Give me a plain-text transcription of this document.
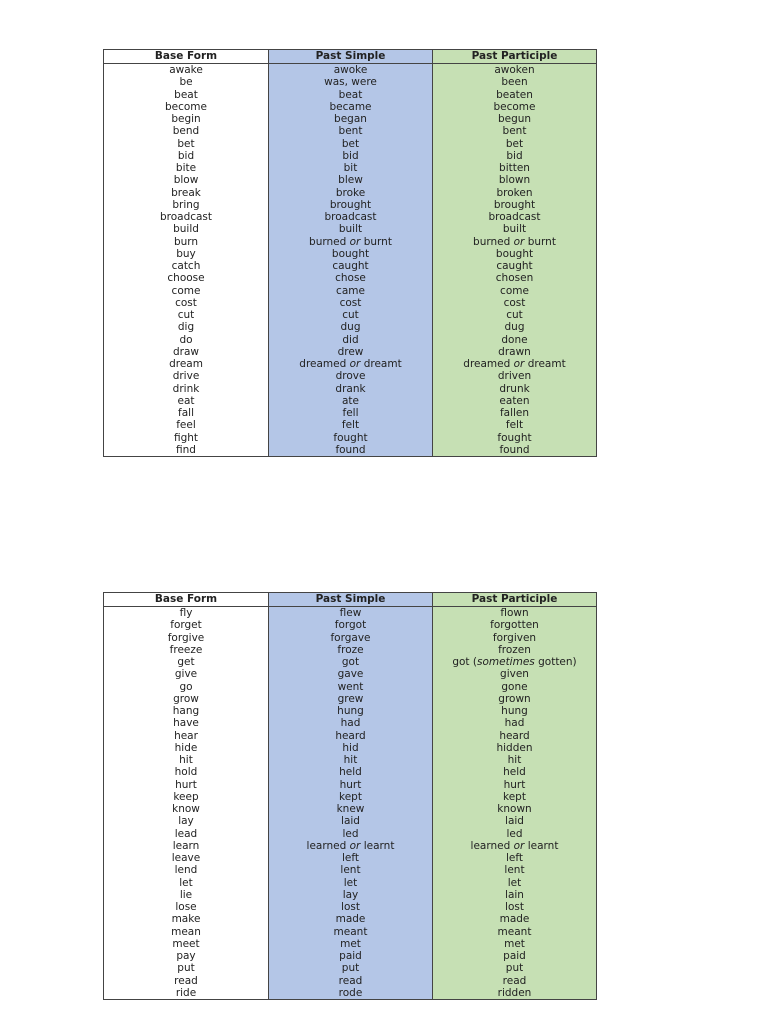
Base Form	Past Simple	Past Participle
awake	awoke	awoken
be	was, were	been
beat	beat	beaten
become	became	become
begin	began	begun
bend	bent	bent
bet	bet	bet
bid	bid	bid
bite	bit	bitten
blow	blew	blown
break	broke	broken
bring	brought	brought
broadcast	broadcast	broadcast
build	built	built
burn	burned or burnt	burned or burnt
buy	bought	bought
catch	caught	caught
choose	chose	chosen
come	came	come
cost	cost	cost
cut	cut	cut
dig	dug	dug
do	did	done
draw	drew	drawn
dream	dreamed or dreamt	dreamed or dreamt
drive	drove	driven
drink	drank	drunk
eat	ate	eaten
fall	fell	fallen
feel	felt	felt
fight	fought	fought
find	found	found
Base Form	Past Simple	Past Participle
fly	flew	flown
forget	forgot	forgotten
forgive	forgave	forgiven
freeze	froze	frozen
get	got	got (sometimes gotten)
give	gave	given
go	went	gone
grow	grew	grown
hang	hung	hung
have	had	had
hear	heard	heard
hide	hid	hidden
hit	hit	hit
hold	held	held
hurt	hurt	hurt
keep	kept	kept
know	knew	known
lay	laid	laid
lead	led	led
learn	learned or learnt	learned or learnt
leave	left	left
lend	lent	lent
let	let	let
lie	lay	lain
lose	lost	lost
make	made	made
mean	meant	meant
meet	met	met
pay	paid	paid
put	put	put
read	read	read
ride	rode	ridden
